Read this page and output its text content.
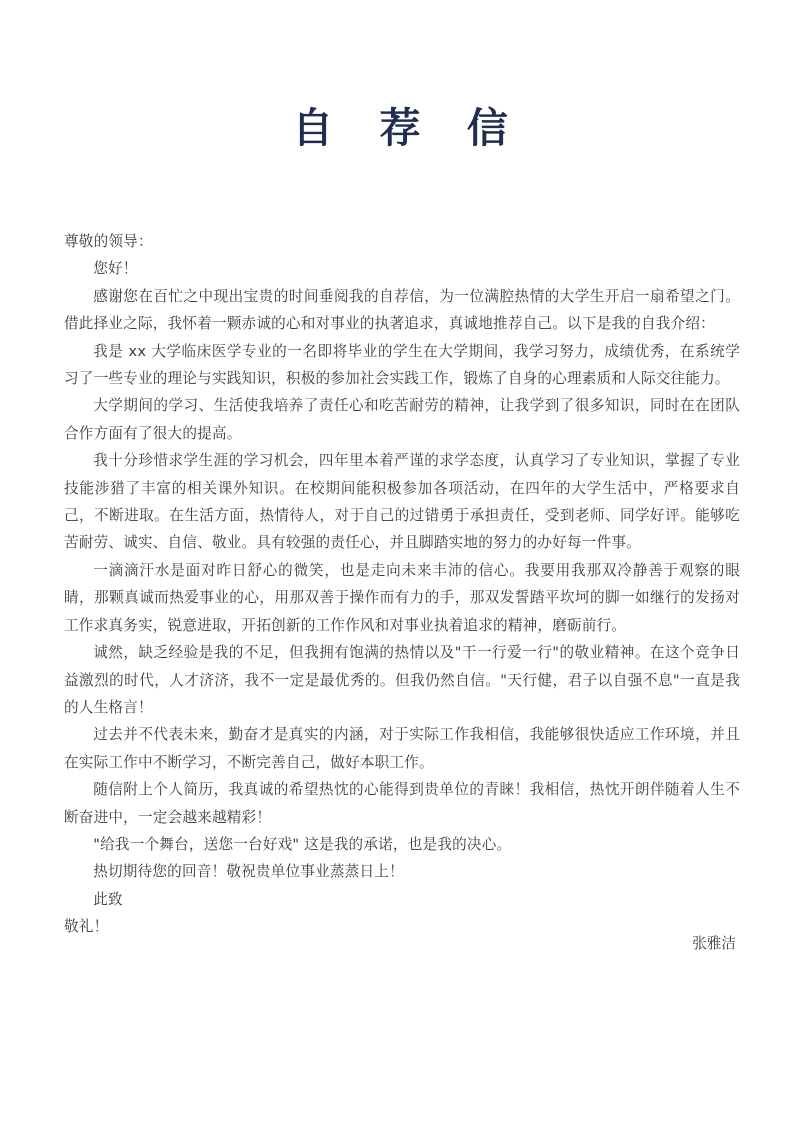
自 荐 信

尊敬的领导：

您好！

感谢您在百忙之中现出宝贵的时间垂阅我的自荐信，为一位满腔热情的大学生开启一扇希望之门。借此择业之际，我怀着一颗赤诚的心和对事业的执著追求，真诚地推荐自己。以下是我的自我介绍：

我是 xx 大学临床医学专业的一名即将毕业的学生在大学期间，我学习努力，成绩优秀，在系统学习了一些专业的理论与实践知识，积极的参加社会实践工作，锻炼了自身的心理素质和人际交往能力。

大学期间的学习、生活使我培养了责任心和吃苦耐劳的精神，让我学到了很多知识，同时在在团队合作方面有了很大的提高。

我十分珍惜求学生涯的学习机会，四年里本着严谨的求学态度，认真学习了专业知识，掌握了专业技能涉猎了丰富的相关课外知识。在校期间能积极参加各项活动，在四年的大学生活中，严格要求自己，不断进取。在生活方面，热情待人，对于自己的过错勇于承担责任，受到老师、同学好评。能够吃苦耐劳、诚实、自信、敬业。具有较强的责任心，并且脚踏实地的努力的办好每一件事。

一滴滴汗水是面对昨日舒心的微笑，也是走向未来丰沛的信心。我要用我那双冷静善于观察的眼睛，那颗真诚而热爱事业的心，用那双善于操作而有力的手，那双发誓踏平坎坷的脚一如继行的发扬对工作求真务实，锐意进取，开拓创新的工作作风和对事业执着追求的精神，磨砺前行。

诚然，缺乏经验是我的不足，但我拥有饱满的热情以及"干一行爱一行"的敬业精神。在这个竞争日益激烈的时代，人才济济，我不一定是最优秀的。但我仍然自信。"天行健，君子以自强不息"一直是我的人生格言！

过去并不代表未来，勤奋才是真实的内涵，对于实际工作我相信，我能够很快适应工作环境，并且在实际工作中不断学习，不断完善自己，做好本职工作。

随信附上个人简历，我真诚的希望热忱的心能得到贵单位的青睐！我相信，热忱开朗伴随着人生不断奋进中，一定会越来越精彩！

"给我一个舞台，送您一台好戏" 这是我的承诺，也是我的决心。

热切期待您的回音！敬祝贵单位事业蒸蒸日上！

此致

敬礼！

张雅洁
